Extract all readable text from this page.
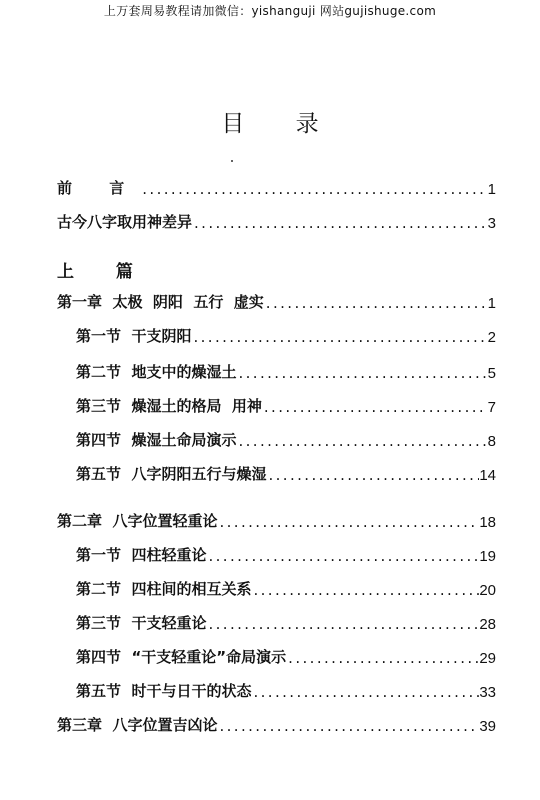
上万套周易教程请加微信：yishanguji 网站gujishuge.com
目 录
前 言 .....	1
古今八字取用神差异 .....	3
上 篇
第一章  太极  阴阳  五行  虚实 .....	1
第一节  干支阴阳 .....	2
第二节  地支中的燥湿土 .....	5
第三节  燥湿土的格局  用神 .....	7
第四节  燥湿土命局演示 .....	8
第五节  八字阴阳五行与燥湿 .....	14
第二章  八字位置轻重论 .....	18
第一节  四柱轻重论 .....	19
第二节  四柱间的相互关系 .....	20
第三节  干支轻重论 .....	28
第四节  “干支轻重论”命局演示 .....	29
第五节  时干与日干的状态 .....	33
第三章  八字位置吉凶论 .....	39
